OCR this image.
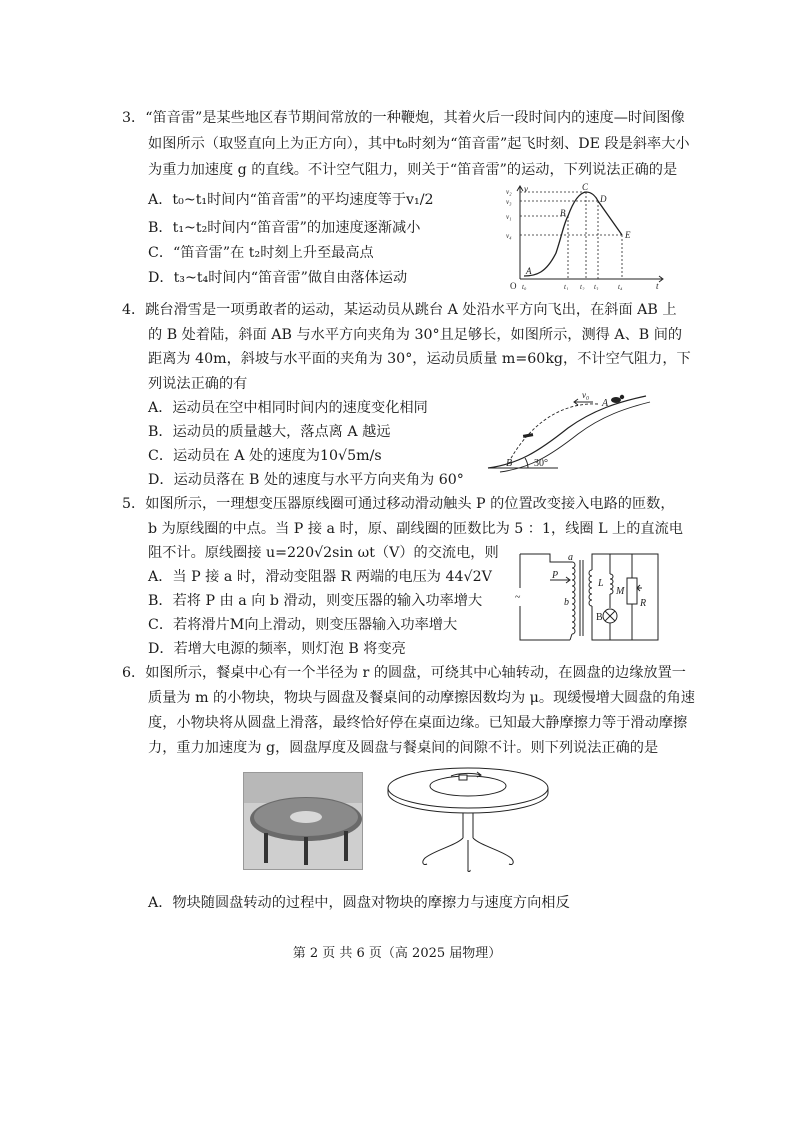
3．“笛音雷”是某些地区春节期间常放的一种鞭炮，其着火后一段时间内的速度—时间图像
如图所示（取竖直向上为正方向），其中t₀时刻为“笛音雷”起飞时刻、DE 段是斜率大小
为重力加速度 g 的直线。不计空气阻力，则关于“笛音雷”的运动，下列说法正确的是
A．t₀~t₁时间内“笛音雷”的平均速度等于v₁/2
B．t₁~t₂时间内“笛音雷”的加速度逐渐减小
C．“笛音雷”在 t₂时刻上升至最高点
D．t₃~t₄时间内“笛音雷”做自由落体运动
v
t
O
v₂
v₃
v₁
v₄
t₀	t₁ t₂ t₃	t₄
A
B
C
D
E
4．跳台滑雪是一项勇敢者的运动，某运动员从跳台 A 处沿水平方向飞出，在斜面 AB 上
的 B 处着陆，斜面 AB 与水平方向夹角为 30°且足够长，如图所示，测得 A、B 间的
距离为 40m，斜坡与水平面的夹角为 30°，运动员质量 m=60kg，不计空气阻力，下
列说法正确的有
A．运动员在空中相同时间内的速度变化相同
B．运动员的质量越大，落点离 A 越远
C．运动员在 A 处的速度为10√5m/s
D．运动员落在 B 处的速度与水平方向夹角为 60°
v₀
A
B 30°
5．如图所示，一理想变压器原线圈可通过移动滑动触头 P 的位置改变接入电路的匝数，
b 为原线圈的中点。当 P 接 a 时，原、副线圈的匝数比为 5 ：1，线圈 L 上的直流电
阻不计。原线圈接 u=220√2sin ωt（V）的交流电，则
A．当 P 接 a 时，滑动变阻器 R 两端的电压为 44√2V
B．若将 P 由 a 向 b 滑动，则变压器的输入功率增大
C．若将滑片M向上滑动，则变压器输入功率增大
D．若增大电源的频率，则灯泡 B 将变亮
~
P
a
b
L
M
R
B
6．如图所示，餐桌中心有一个半径为 r 的圆盘，可绕其中心轴转动，在圆盘的边缘放置一
质量为 m 的小物块，物块与圆盘及餐桌间的动摩擦因数均为 μ。现缓慢增大圆盘的角速
度，小物块将从圆盘上滑落，最终恰好停在桌面边缘。已知最大静摩擦力等于滑动摩擦
力，重力加速度为 g，圆盘厚度及圆盘与餐桌间的间隙不计。则下列说法正确的是
A．物块随圆盘转动的过程中，圆盘对物块的摩擦力与速度方向相反
第 2 页 共 6 页（高 2025 届物理）
